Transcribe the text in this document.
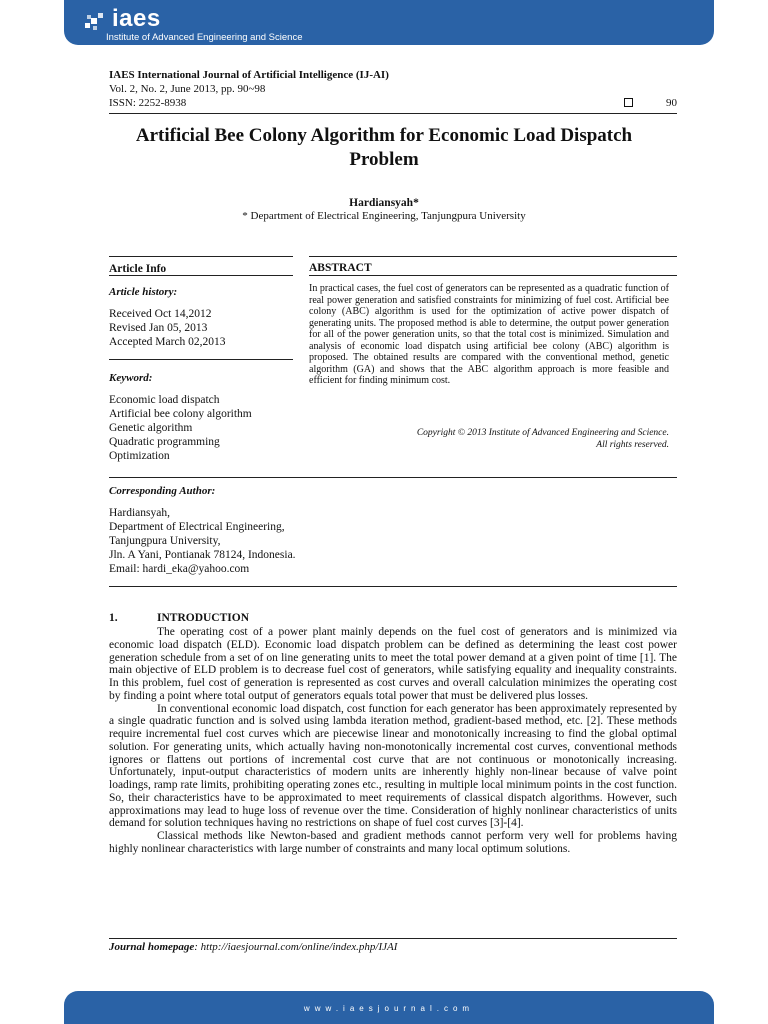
iaes
Institute of Advanced Engineering and Science
IAES International Journal of Artificial Intelligence (IJ-AI)
Vol. 2, No. 2, June 2013, pp. 90~98
ISSN: 2252-8938	90
Artificial Bee Colony Algorithm for Economic Load Dispatch
Problem
Hardiansyah*
* Department of Electrical Engineering, Tanjungpura University
Article Info
Article history:
Received Oct 14,2012
Revised Jan 05, 2013
Accepted March 02,2013
Keyword:
Economic load dispatch
Artificial bee colony algorithm
Genetic algorithm
Quadratic programming
Optimization
ABSTRACT
In practical cases, the fuel cost of generators can be represented as a quadratic function of real power generation and satisfied constraints for minimizing of fuel cost. Artificial bee colony (ABC) algorithm is used for the optimization of active power dispatch of generating units. The proposed method is able to determine, the output power generation for all of the power generation units, so that the total cost is minimized. Simulation and analysis of economic load dispatch using artificial bee colony (ABC) algorithm is proposed. The obtained results are compared with the conventional method, genetic algorithm (GA) and shows that the ABC algorithm approach is more feasible and efficient for finding minimum cost.
Copyright © 2013 Institute of Advanced Engineering and Science.
All rights reserved.
Corresponding Author:
Hardiansyah,
Department of Electrical Engineering,
Tanjungpura University,
Jln. A Yani, Pontianak 78124, Indonesia.
Email: hardi_eka@yahoo.com
1.	INTRODUCTION

The operating cost of a power plant mainly depends on the fuel cost of generators and is minimized via economic load dispatch (ELD). Economic load dispatch problem can be defined as determining the least cost power generation schedule from a set of on line generating units to meet the total power demand at a given point of time [1]. The main objective of ELD problem is to decrease fuel cost of generators, while satisfying equality and inequality constraints. In this problem, fuel cost of generation is represented as cost curves and overall calculation minimizes the operating cost by finding a point where total output of generators equals total power that must be delivered plus losses.

In conventional economic load dispatch, cost function for each generator has been approximately represented by a single quadratic function and is solved using lambda iteration method, gradient-based method, etc. [2]. These methods require incremental fuel cost curves which are piecewise linear and monotonically increasing to find the global optimal solution. For generating units, which actually having non-monotonically incremental cost curves, conventional methods ignores or flattens out portions of incremental cost curve that are not continuous or monotonically increasing. Unfortunately, input-output characteristics of modern units are inherently highly non-linear because of valve point loadings, ramp rate limits, prohibiting operating zones etc., resulting in multiple local minimum points in the cost function. So, their characteristics have to be approximated to meet requirements of classical dispatch algorithms. However, such approximations may lead to huge loss of revenue over the time. Consideration of highly nonlinear characteristics of units demand for solution techniques having no restrictions on shape of fuel cost curves [3]-[4].

Classical methods like Newton-based and gradient methods cannot perform very well for problems having highly nonlinear characteristics with large number of constraints and many local optimum solutions.

Journal homepage: http://iaesjournal.com/online/index.php/IJAI
www.iaesjournal.com
